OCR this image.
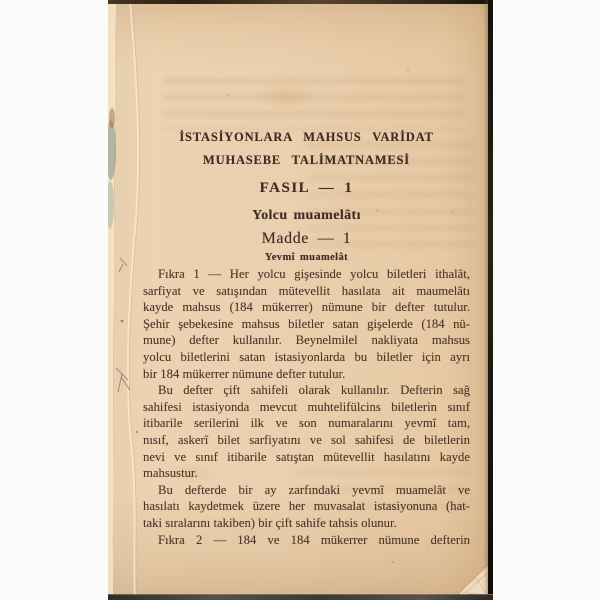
İSTASİYONLARA MAHSUS VARİDAT
MUHASEBE TALİMATNAMESİ
FASIL — 1
Yolcu muamelâtı
Madde — 1
Yevmî muamelât
Fıkra 1 — Her yolcu gişesinde yolcu biletleri ithalât,
sarfiyat ve satışından mütevellit hasılata ait maumelâtı
kayde mahsus (184 mükerrer) nümune bir defter tutulur.
Şehir şebekesine mahsus biletler satan gişelerde (184 nü-
mune) defter kullanılır. Beynelmilel nakliyata mahsus
yolcu biletlerini satan istasiyonlarda bu biletler için ayrı
bir 184 mükerrer nümune defter tutulur.
Bu defter çift sahifeli olarak kullanılır. Defterin sağ
sahifesi istasiyonda mevcut muhtelifülcins biletlerin sınıf
itibarile serilerini ilk ve son numaralarını yevmî tam,
nısıf, askerî bilet sarfiyatını ve sol sahifesi de biletlerin
nevi ve sınıf itibarile satıştan mütevellit hasılatını kayde
mahsustur.
Bu defterde bir ay zarfındaki yevmî muamelât ve
hasılatı kaydetmek üzere her muvasalat istasiyonuna (hat-
taki sıralarını takiben) bir çift sahife tahsis olunur.
Fıkra 2 — 184 ve 184 mükerrer nümune defterin
